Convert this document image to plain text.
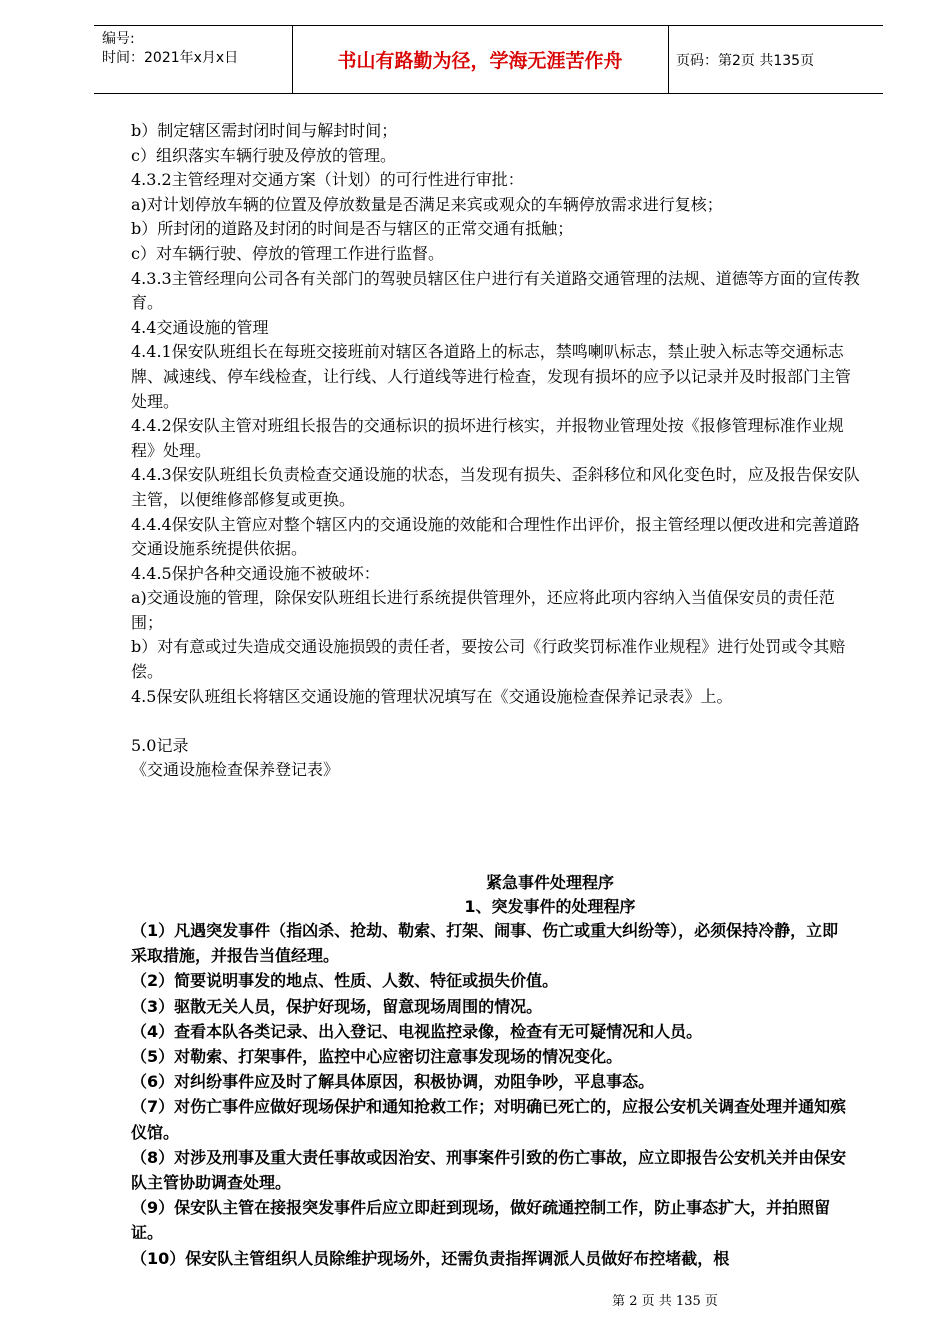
编号:
时间：2021年x月x日	书山有路勤为径，学海无涯苦作舟	页码：第2页 共135页

b）制定辖区需封闭时间与解封时间；

c）组织落实车辆行驶及停放的管理。

4.3.2主管经理对交通方案（计划）的可行性进行审批：

a)对计划停放车辆的位置及停放数量是否满足来宾或观众的车辆停放需求进行复核；

b）所封闭的道路及封闭的时间是否与辖区的正常交通有抵触；

c）对车辆行驶、停放的管理工作进行监督。

4.3.3主管经理向公司各有关部门的驾驶员辖区住户进行有关道路交通管理的法规、道德等方面的宣传教育。

4.4交通设施的管理

4.4.1保安队班组长在每班交接班前对辖区各道路上的标志，禁鸣喇叭标志，禁止驶入标志等交通标志牌、减速线、停车线检查，让行线、人行道线等进行检查，发现有损坏的应予以记录并及时报部门主管处理。

4.4.2保安队主管对班组长报告的交通标识的损坏进行核实，并报物业管理处按《报修管理标准作业规程》处理。

4.4.3保安队班组长负责检查交通设施的状态，当发现有损失、歪斜移位和风化变色时，应及报告保安队主管，以便维修部修复或更换。

4.4.4保安队主管应对整个辖区内的交通设施的效能和合理性作出评价，报主管经理以便改进和完善道路交通设施系统提供依据。

4.4.5保护各种交通设施不被破坏：

a)交通设施的管理，除保安队班组长进行系统提供管理外，还应将此项内容纳入当值保安员的责任范围；

b）对有意或过失造成交通设施损毁的责任者，要按公司《行政奖罚标准作业规程》进行处罚或令其赔偿。

4.5保安队班组长将辖区交通设施的管理状况填写在《交通设施检查保养记录表》上。

5.0记录

《交通设施检查保养登记表》

紧急事件处理程序
1、突发事件的处理程序

（1）凡遇突发事件（指凶杀、抢劫、勒索、打架、闹事、伤亡或重大纠纷等），必须保持冷静，立即采取措施，并报告当值经理。

（2）简要说明事发的地点、性质、人数、特征或损失价值。

（3）驱散无关人员，保护好现场，留意现场周围的情况。

（4）查看本队各类记录、出入登记、电视监控录像，检查有无可疑情况和人员。

（5）对勒索、打架事件，监控中心应密切注意事发现场的情况变化。

（6）对纠纷事件应及时了解具体原因，积极协调，劝阻争吵，平息事态。

（7）对伤亡事件应做好现场保护和通知抢救工作；对明确已死亡的，应报公安机关调查处理并通知殡仪馆。

（8）对涉及刑事及重大责任事故或因治安、刑事案件引致的伤亡事故，应立即报告公安机关并由保安队主管协助调查处理。

（9）保安队主管在接报突发事件后应立即赶到现场，做好疏通控制工作，防止事态扩大，并拍照留证。

（10）保安队主管组织人员除维护现场外，还需负责指挥调派人员做好布控堵截，根

第 2 页 共 135 页
